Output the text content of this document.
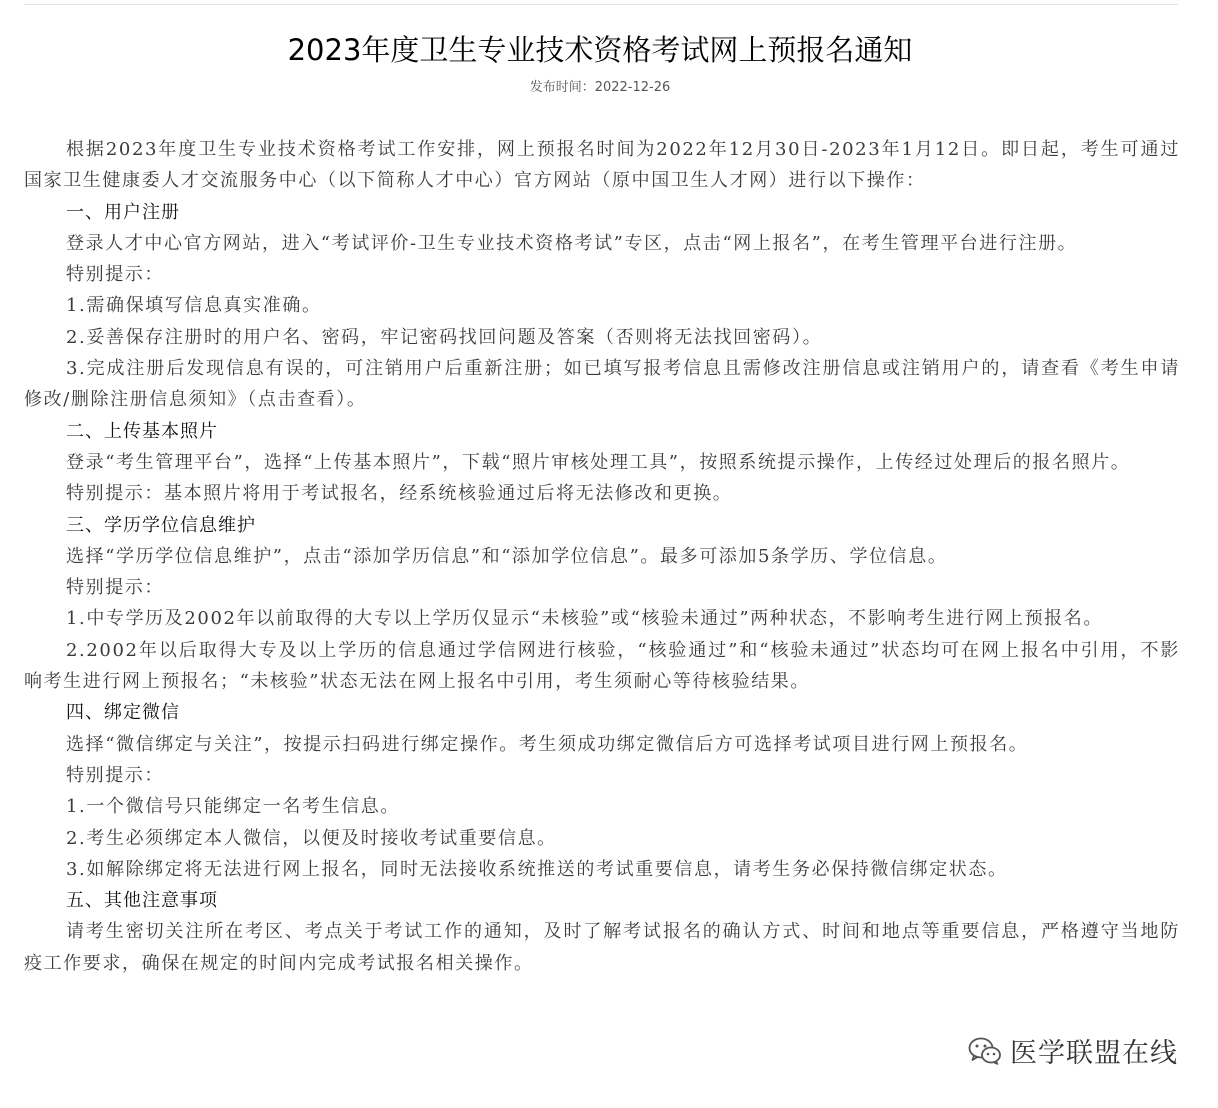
2023年度卫生专业技术资格考试网上预报名通知
发布时间：2022-12-26

根据2023年度卫生专业技术资格考试工作安排，网上预报名时间为2022年12月30日-2023年1月12日。即日起，考生可通过国家卫生健康委人才交流服务中心（以下简称人才中心）官方网站（原中国卫生人才网）进行以下操作：

一、用户注册

登录人才中心官方网站，进入“考试评价-卫生专业技术资格考试”专区，点击“网上报名”，在考生管理平台进行注册。

特别提示：

1.需确保填写信息真实准确。

2.妥善保存注册时的用户名、密码，牢记密码找回问题及答案（否则将无法找回密码）。

3.完成注册后发现信息有误的，可注销用户后重新注册；如已填写报考信息且需修改注册信息或注销用户的，请查看《考生申请修改/删除注册信息须知》（点击查看）。

二、上传基本照片

登录“考生管理平台”，选择“上传基本照片”，下载“照片审核处理工具”，按照系统提示操作，上传经过处理后的报名照片。

特别提示：基本照片将用于考试报名，经系统核验通过后将无法修改和更换。

三、学历学位信息维护

选择“学历学位信息维护”，点击“添加学历信息”和“添加学位信息”。最多可添加5条学历、学位信息。

特别提示：

1.中专学历及2002年以前取得的大专以上学历仅显示“未核验”或“核验未通过”两种状态，不影响考生进行网上预报名。

2.2002年以后取得大专及以上学历的信息通过学信网进行核验，“核验通过”和“核验未通过”状态均可在网上报名中引用，不影响考生进行网上预报名；“未核验”状态无法在网上报名中引用，考生须耐心等待核验结果。

四、绑定微信

选择“微信绑定与关注”，按提示扫码进行绑定操作。考生须成功绑定微信后方可选择考试项目进行网上预报名。

特别提示：

1.一个微信号只能绑定一名考生信息。

2.考生必须绑定本人微信，以便及时接收考试重要信息。

3.如解除绑定将无法进行网上报名，同时无法接收系统推送的考试重要信息，请考生务必保持微信绑定状态。

五、其他注意事项

请考生密切关注所在考区、考点关于考试工作的通知，及时了解考试报名的确认方式、时间和地点等重要信息，严格遵守当地防疫工作要求，确保在规定的时间内完成考试报名相关操作。

医学联盟在线
